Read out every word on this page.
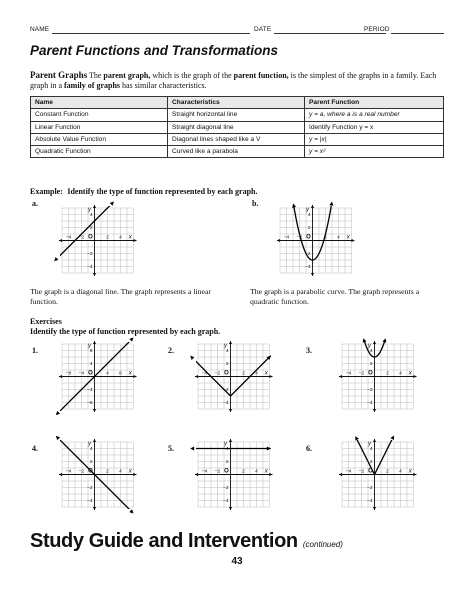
NAME	DATE	PERIOD
Parent Functions and Transformations
Parent Graphs The parent graph, which is the graph of the parent function, is the simplest of the graphs in a family. Each graph in a family of graphs has similar characteristics.
Name	Characteristics	Parent Function
Constant Function	Straight horizontal line	y = a, where a is a real number
Linear Function	Straight diagonal line	Identify Function y = x
Absolute Value Function	Diagonal lines shaped like a V	y = |x|
Quadratic Function	Curved like a parabola	y = x²
Example: Identify the type of function represented by each graph.
a.	b.
−4 −2 O	2 4 x
y
4
2
−2
−4
−4 −2 O	2 4 x
y
4
2
−2
−4
The graph is a diagonal line. The graph represents a linear function.
The graph is a parabolic curve. The graph represents a quadratic function.
Exercises
Identify the type of function represented by each graph.
1.	2.	3.
4.	5.	6.
−8 −4 O	4 8 x
y
8
4
−4
−8
−4 −2 O	2 4 x
y
4
2
−2
−4
−4 −2 O	2 4 x
y
4
2
−2
−4
−4 −2 O	2 4 x
y
4
2
−2
−4
−4 −2 O	2 4 x
y
4
2
−2
−4
−4 −2 O	2 4 x
y
4
2
−2
−4
Study Guide and Intervention (continued)
43
